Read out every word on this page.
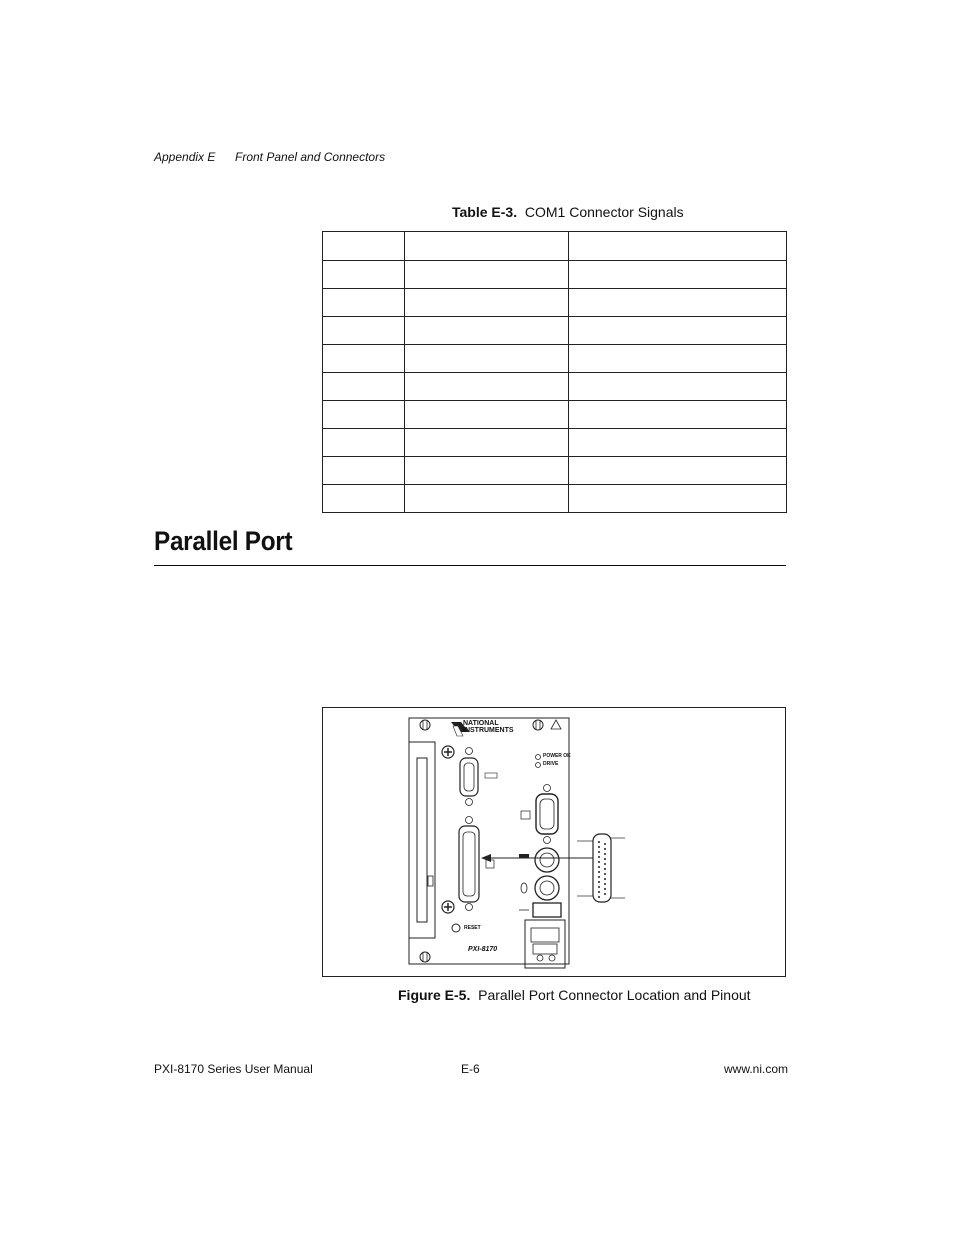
Appendix E Front Panel and Connectors
Table E-3. COM1 Connector Signals

Parallel Port
NATIONAL
INSTRUMENTS
POWER OK
DRIVE
RESET
PXI-8170
Figure E-5. Parallel Port Connector Location and Pinout
PXI-8170 Series User Manual	E-6	www.ni.com
